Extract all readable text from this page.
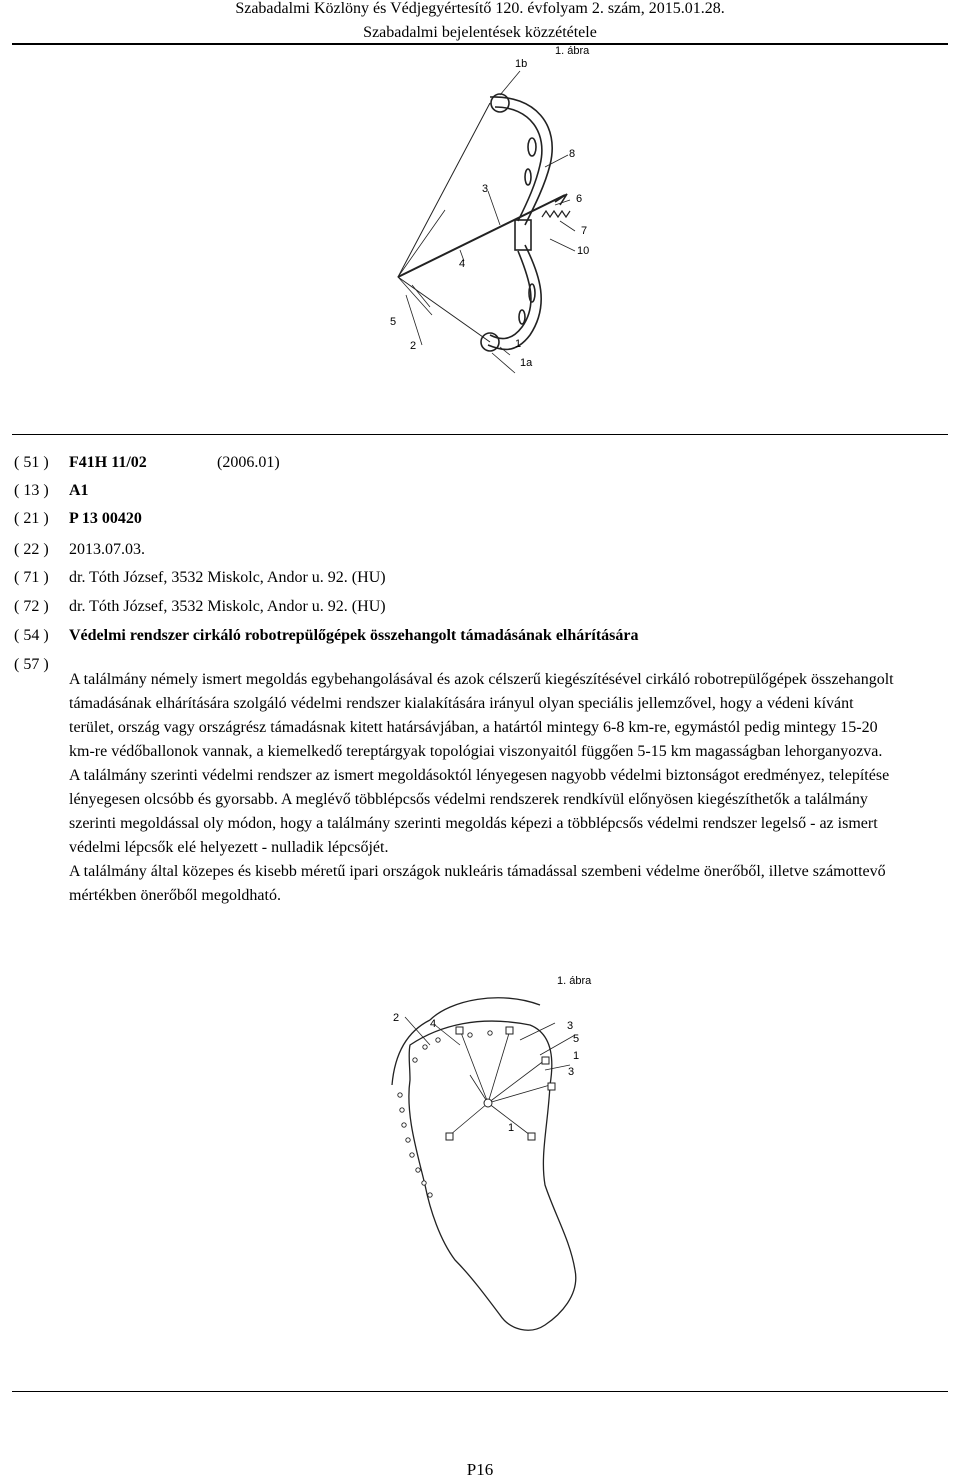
Szabadalmi Közlöny és Védjegyértesítő 120. évfolyam 2. szám, 2015.01.28.
Szabadalmi bejelentések közzététele
1. ábra
1b
8
3
6
7
10
4
5
2	1
1a
( 51 )	F41H 11/02	(2006.01)
( 13 )	A1
( 21 )	P 13 00420
( 22 )	2013.07.03.
( 71 )	dr. Tóth József, 3532 Miskolc, Andor u. 92. (HU)
( 72 )	dr. Tóth József, 3532 Miskolc, Andor u. 92. (HU)
( 54 )	Védelmi rendszer cirkáló robotrepülőgépek összehangolt támadásának elhárítására
( 57 )

A találmány némely ismert megoldás egybehangolásával és azok célszerű kiegészítésével cirkáló robotrepülőgépek összehangolt támadásának elhárítására szolgáló védelmi rendszer kialakítására irányul olyan speciális jellemzővel, hogy a védeni kívánt terület, ország vagy országrész támadásnak kitett határsávjában, a határtól mintegy 6-8 km-re, egymástól pedig mintegy 15-20 km-re védőballonok vannak, a kiemelkedő tereptárgyak topológiai viszonyaitól függően 5-15 km magasságban lehorganyozva.

A találmány szerinti védelmi rendszer az ismert megoldásoktól lényegesen nagyobb védelmi biztonságot eredményez, telepítése lényegesen olcsóbb és gyorsabb. A meglévő többlépcsős védelmi rendszerek rendkívül előnyösen kiegészíthetők a találmány szerinti megoldással oly módon, hogy a találmány szerinti megoldás képezi a többlépcsős védelmi rendszer legelső - az ismert védelmi lépcsők elé helyezett - nulladik lépcsőjét.

A találmány által közepes és kisebb méretű ipari országok nukleáris támadással szembeni védelme önerőből, illetve számottevő mértékben önerőből megoldható.

1. ábra
2	4	3
5
1
3
1
P16
